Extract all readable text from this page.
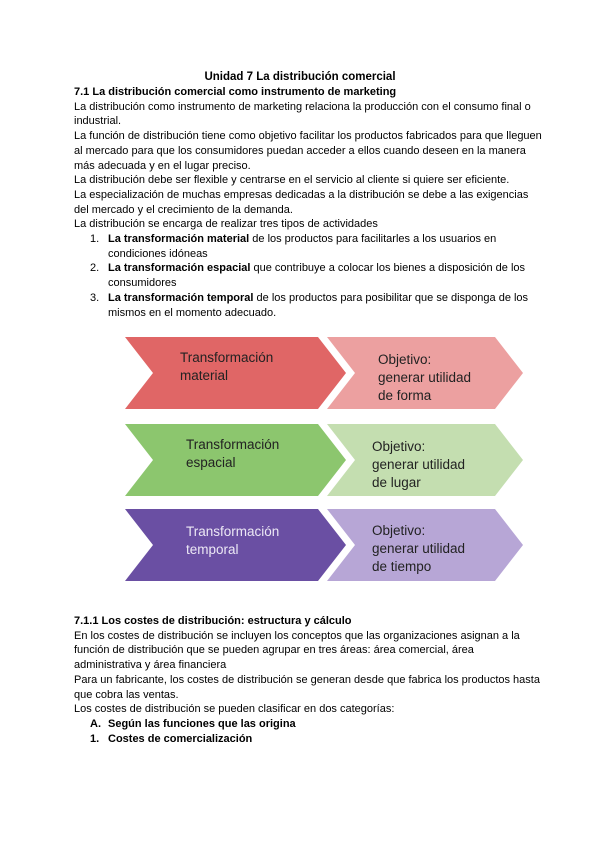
Unidad 7 La distribución comercial

7.1 La distribución comercial como instrumento de marketing

La distribución como instrumento de marketing relaciona la producción con el consumo final o industrial.

La función de distribución tiene como objetivo facilitar los productos fabricados para que lleguen al mercado para que los consumidores puedan acceder a ellos cuando deseen en la manera más adecuada y en el lugar preciso.

La distribución debe ser flexible y centrarse en el servicio al cliente si quiere ser eficiente.

La especialización de muchas empresas dedicadas a la distribución se debe a las exigencias del mercado y el crecimiento de la demanda.

La distribución se encarga de realizar tres tipos de actividades

1. La transformación material de los productos para facilitarles a los usuarios en condiciones idóneas
2. La transformación espacial que contribuye a colocar los bienes a disposición de los consumidores
3. La transformación temporal de los productos para posibilitar que se disponga de los mismos en el momento adecuado.
Transformación
material
Objetivo:
generar utilidad
de forma
Transformación
espacial
Objetivo:
generar utilidad
de lugar
Transformación
temporal
Objetivo:
generar utilidad
de tiempo

7.1.1 Los costes de distribución: estructura y cálculo

En los costes de distribución se incluyen los conceptos que las organizaciones asignan a la función de distribución que se pueden agrupar en tres áreas: área comercial, área administrativa y área financiera

Para un fabricante, los costes de distribución se generan desde que fabrica los productos hasta que cobra las ventas.

Los costes de distribución se pueden clasificar en dos categorías:

A. Según las funciones que las origina
1. Costes de comercialización
